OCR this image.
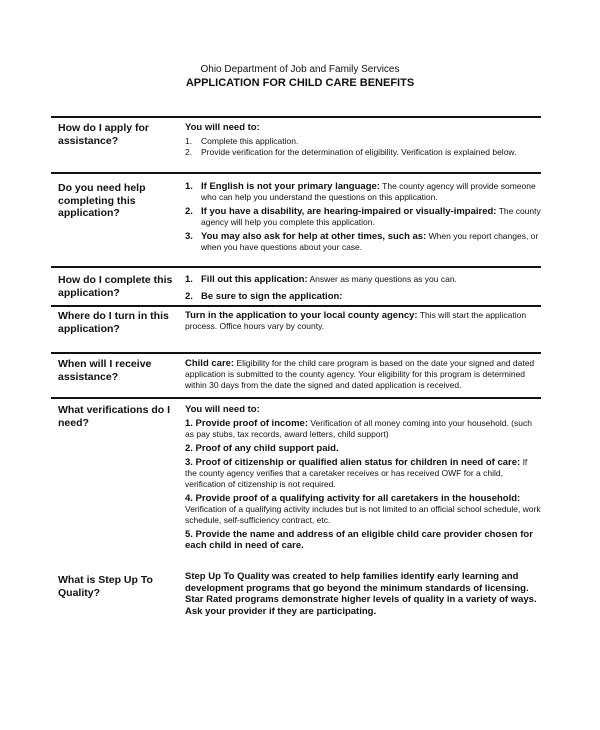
Ohio Department of Job and Family Services
APPLICATION FOR CHILD CARE BENEFITS
How do I apply for assistance?

You will need to:

1.	Complete this application.
2.	Provide verification for the determination of eligibility. Verification is explained below.
Do you need help completing this application?
1. If English is not your primary language: The county agency will provide someone who can help you understand the questions on this application.
2. If you have a disability, are hearing-impaired or visually-impaired: The county agency will help you complete this application.
3. You may also ask for help at other times, such as: When you report changes, or when you have questions about your case.
How do I complete this application?
1. Fill out this application: Answer as many questions as you can.
2. Be sure to sign the application:
Where do I turn in this application?

Turn in the application to your local county agency: This will start the application process. Office hours vary by county.

When will I receive assistance?

Child care: Eligibility for the child care program is based on the date your signed and dated application is submitted to the county agency. Your eligibility for this program is determined within 30 days from the date the signed and dated application is received.

What verifications do I need?

You will need to:

1. Provide proof of income: Verification of all money coming into your household. (such as pay stubs, tax records, award letters, child support)

2. Proof of any child support paid.

3. Proof of citizenship or qualified alien status for children in need of care: If the county agency verifies that a caretaker receives or has received OWF for a child, verification of citizenship is not required.

4. Provide proof of a qualifying activity for all caretakers in the household: Verification of a qualifying activity includes but is not limited to an official school schedule, work schedule, self-sufficiency contract, etc.

5. Provide the name and address of an eligible child care provider chosen for each child in need of care.

What is Step Up To Quality?

Step Up To Quality was created to help families identify early learning and development programs that go beyond the minimum standards of licensing. Star Rated programs demonstrate higher levels of quality in a variety of ways. Ask your provider if they are participating.
